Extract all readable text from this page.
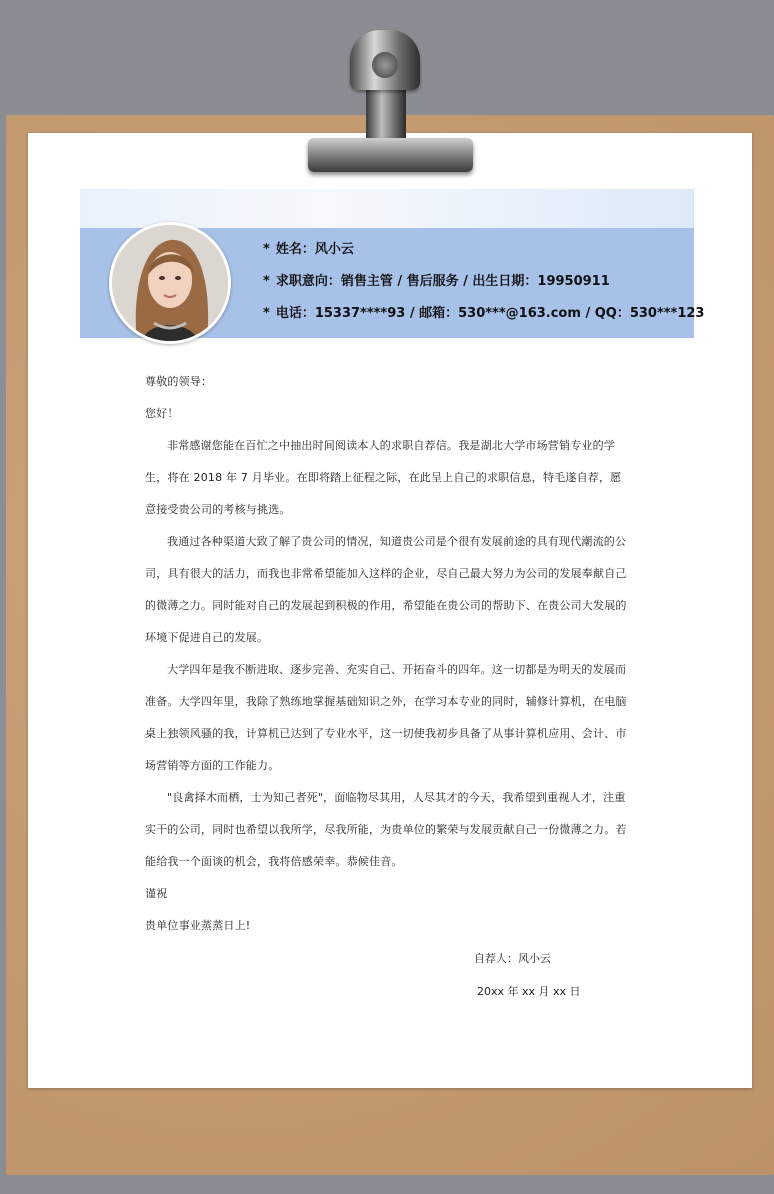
* 姓名：风小云
* 求职意向：销售主管 / 售后服务 / 出生日期：19950911
* 电话：15337****93 / 邮箱：530***@163.com / QQ：530***123

尊敬的领导：

您好！

非常感谢您能在百忙之中抽出时间阅读本人的求职自荐信。我是湖北大学市场营销专业的学生，将在 2018 年 7 月毕业。在即将踏上征程之际，在此呈上自己的求职信息，特毛遂自荐，愿意接受贵公司的考核与挑选。

我通过各种渠道大致了解了贵公司的情况，知道贵公司是个很有发展前途的具有现代潮流的公司，具有很大的活力，而我也非常希望能加入这样的企业，尽自己最大努力为公司的发展奉献自己的微薄之力。同时能对自己的发展起到积极的作用，希望能在贵公司的帮助下、在贵公司大发展的环境下促进自己的发展。

大学四年是我不断进取、逐步完善、充实自己、开拓奋斗的四年。这一切都是为明天的发展而准备。大学四年里，我除了熟练地掌握基础知识之外，在学习本专业的同时，辅修计算机，在电脑桌上独领风骚的我，计算机已达到了专业水平，这一切使我初步具备了从事计算机应用、会计、市场营销等方面的工作能力。

"良禽择木而栖，士为知己者死"，面临物尽其用，人尽其才的今天，我希望到重视人才，注重实干的公司，同时也希望以我所学，尽我所能，为贵单位的繁荣与发展贡献自己一份微薄之力。若能给我一个面谈的机会，我将倍感荣幸。恭候佳音。

谨祝

贵单位事业蒸蒸日上!

自荐人：风小云
20xx 年 xx 月 xx 日
